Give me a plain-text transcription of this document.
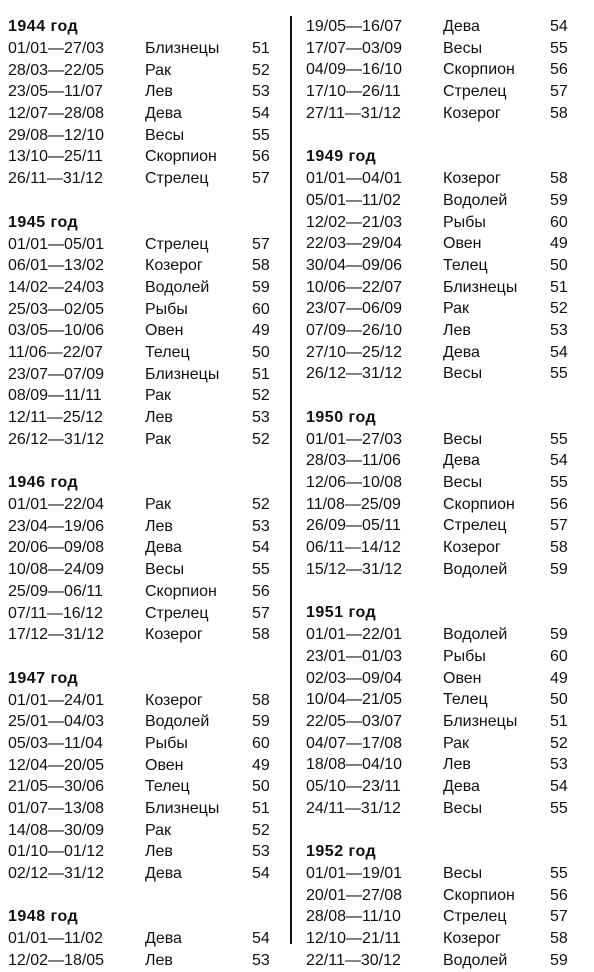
1944 год
01/01—27/03	Близнецы 51
28/03—22/05	Рак	52
23/05—11/07	Лев	53
12/07—28/08	Дева	54
29/08—12/10	Весы	55
13/10—25/11	Скорпион 56
26/11—31/12	Стрелец	57
1945 год
01/01—05/01	Стрелец	57
06/01—13/02	Козерог	58
14/02—24/03	Водолей	59
25/03—02/05	Рыбы	60
03/05—10/06	Овен	49
11/06—22/07	Телец	50
23/07—07/09	Близнецы 51
08/09—11/11	Рак	52
12/11—25/12	Лев	53
26/12—31/12	Рак	52
1946 год
01/01—22/04	Рак	52
23/04—19/06	Лев	53
20/06—09/08	Дева	54
10/08—24/09	Весы	55
25/09—06/11	Скорпион 56
07/11—16/12	Стрелец	57
17/12—31/12	Козерог	58
1947 год
01/01—24/01	Козерог	58
25/01—04/03	Водолей	59
05/03—11/04	Рыбы	60
12/04—20/05	Овен	49
21/05—30/06	Телец	50
01/07—13/08	Близнецы 51
14/08—30/09	Рак	52
01/10—01/12	Лев	53
02/12—31/12	Дева	54
1948 год
01/01—11/02	Дева	54
12/02—18/05	Лев	53
19/05—16/07	Дева	54
17/07—03/09	Весы	55
04/09—16/10	Скорпион 56
17/10—26/11	Стрелец	57
27/11—31/12	Козерог	58
1949 год
01/01—04/01	Козерог	58
05/01—11/02	Водолей	59
12/02—21/03	Рыбы	60
22/03—29/04	Овен	49
30/04—09/06	Телец	50
10/06—22/07	Близнецы 51
23/07—06/09	Рак	52
07/09—26/10	Лев	53
27/10—25/12	Дева	54
26/12—31/12	Весы	55
1950 год
01/01—27/03	Весы	55
28/03—11/06	Дева	54
12/06—10/08	Весы	55
11/08—25/09	Скорпион 56
26/09—05/11	Стрелец	57
06/11—14/12	Козерог	58
15/12—31/12	Водолей	59
1951 год
01/01—22/01	Водолей	59
23/01—01/03	Рыбы	60
02/03—09/04	Овен	49
10/04—21/05	Телец	50
22/05—03/07	Близнецы 51
04/07—17/08	Рак	52
18/08—04/10	Лев	53
05/10—23/11	Дева	54
24/11—31/12	Весы	55
1952 год
01/01—19/01	Весы	55
20/01—27/08	Скорпион 56
28/08—11/10	Стрелец	57
12/10—21/11	Козерог	58
22/11—30/12	Водолей	59
